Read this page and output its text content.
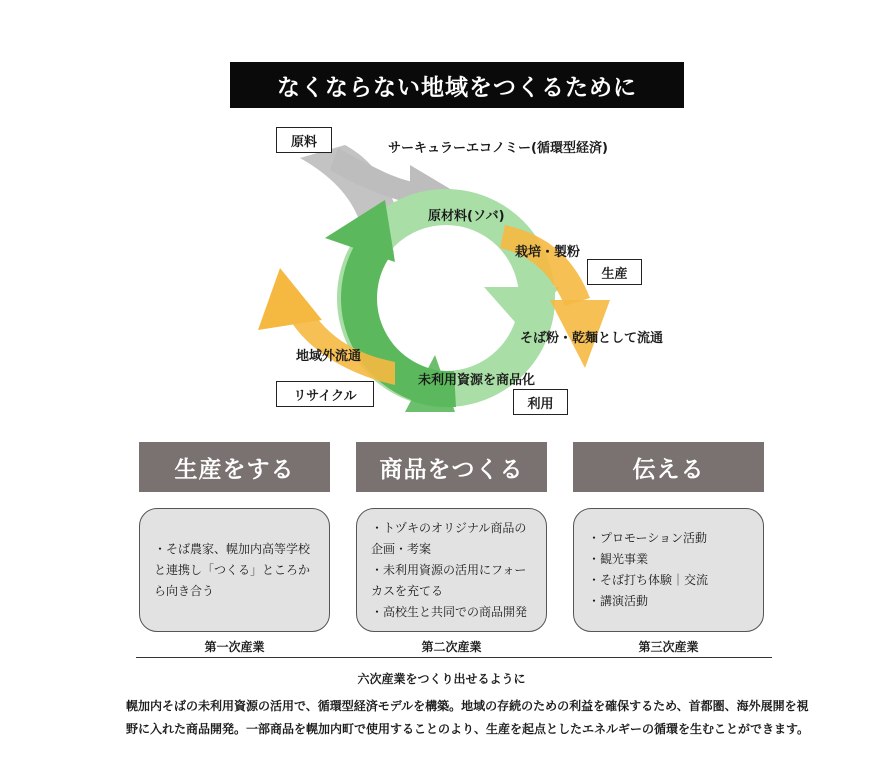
なくならない地域をつくるために
サーキュラーエコノミー(循環型経済)
原料
生産
利用
リサイクル
原材料(ソバ)
栽培・製粉
そば粉・乾麺として流通
未利用資源を商品化
地域外流通
生産をする	商品をつくる	伝える
・そば農家、幌加内高等学校
と連携し「つくる」ところか
ら向き合う
・トヅキのオリジナル商品の
企画・考案
・未利用資源の活用にフォー
カスを充てる
・高校生と共同での商品開発
・プロモーション活動
・観光事業
・そば打ち体験｜交流
・講演活動
第一次産業	第二次産業	第三次産業
六次産業をつくり出せるように
幌加内そばの未利用資源の活用で、循環型経済モデルを構築。地域の存続のための利益を確保するため、首都圏、海外展開を視
野に入れた商品開発。一部商品を幌加内町で使用することのより、生産を起点としたエネルギーの循環を生むことができます。
